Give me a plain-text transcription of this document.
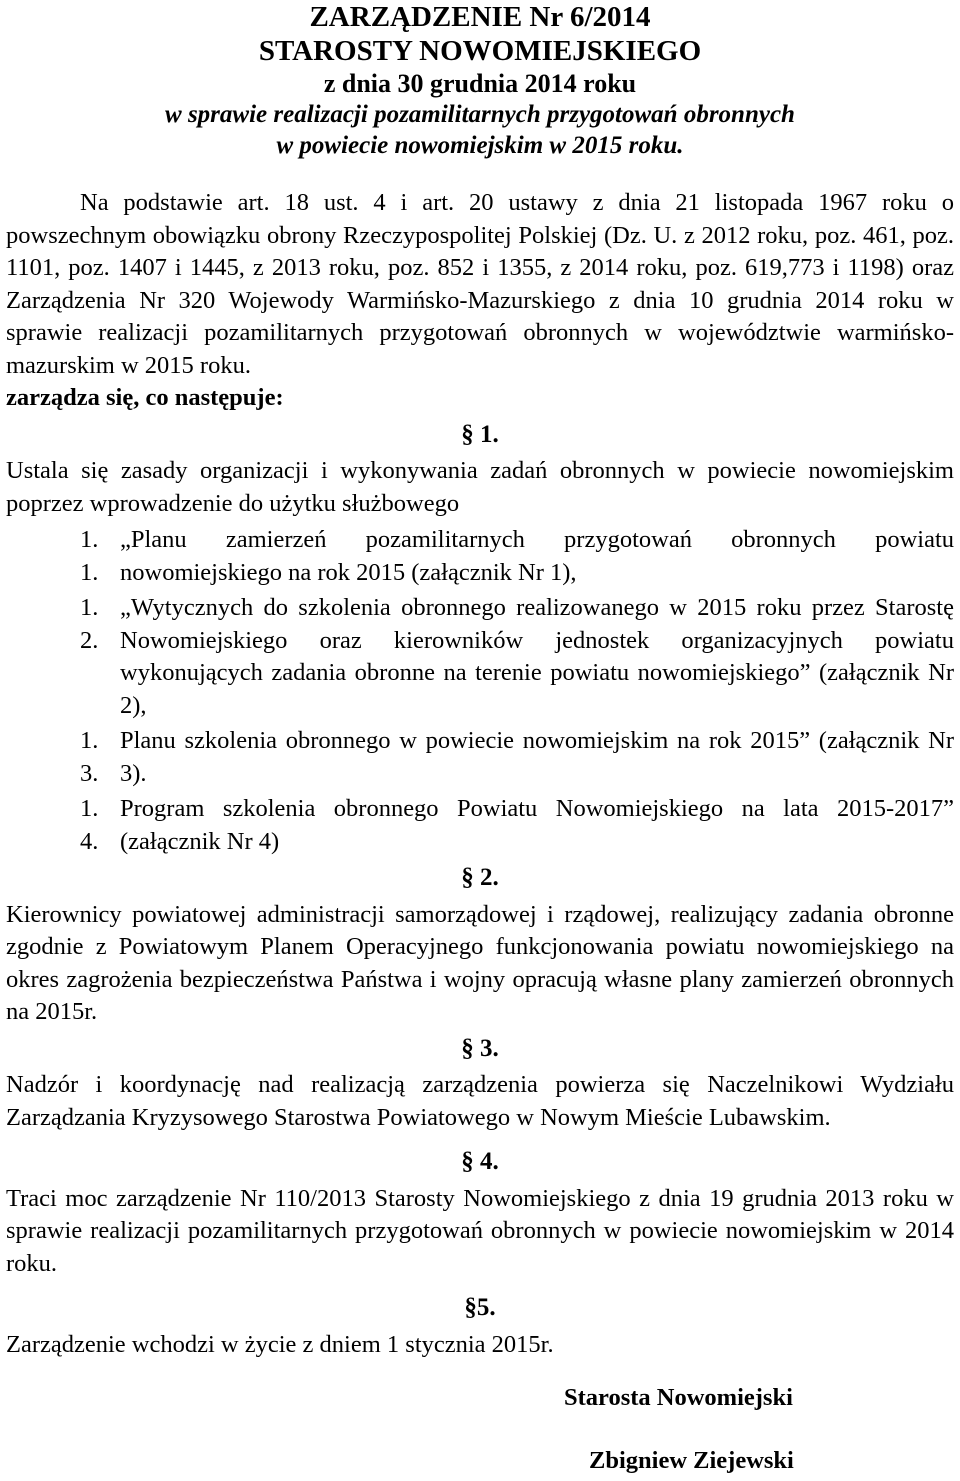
ZARZĄDZENIE Nr 6/2014
STAROSTY NOWOMIEJSKIEGO
z dnia 30 grudnia 2014 roku
w sprawie realizacji pozamilitarnych przygotowań obronnych
w powiecie nowomiejskim w 2015 roku.

Na podstawie art. 18 ust. 4 i art. 20 ustawy z dnia 21 listopada 1967 roku o powszechnym obowiązku obrony Rzeczypospolitej Polskiej (Dz. U. z 2012 roku, poz. 461, poz. 1101, poz. 1407 i 1445, z 2013 roku, poz. 852 i 1355, z 2014 roku, poz. 619,773 i 1198) oraz Zarządzenia Nr 320 Wojewody Warmińsko-Mazurskiego z dnia 10 grudnia 2014 roku w sprawie realizacji pozamilitarnych przygotowań obronnych w województwie warmińsko-mazurskim w 2015 roku.

zarządza się, co następuje:

§ 1.

Ustala się zasady organizacji i wykonywania zadań obronnych w powiecie nowomiejskim poprzez wprowadzenie do użytku służbowego

1. 1.
„Planu zamierzeń pozamilitarnych przygotowań obronnych powiatu nowomiejskiego na rok 2015 (załącznik Nr 1),
1. 2.
„Wytycznych do szkolenia obronnego realizowanego w 2015 roku przez Starostę Nowomiejskiego oraz kierowników jednostek organizacyjnych powiatu wykonujących zadania obronne na terenie powiatu nowomiejskiego” (załącznik Nr 2),
1. 3.
Planu szkolenia obronnego w powiecie nowomiejskim na rok 2015” (załącznik Nr 3).
1. 4.
Program szkolenia obronnego Powiatu Nowomiejskiego na lata 2015-2017” (załącznik Nr 4)
§ 2.

Kierownicy powiatowej administracji samorządowej i rządowej, realizujący zadania obronne zgodnie z Powiatowym Planem Operacyjnego funkcjonowania powiatu nowomiejskiego na okres zagrożenia bezpieczeństwa Państwa i wojny opracują własne plany zamierzeń obronnych na 2015r.

§ 3.

Nadzór i koordynację nad realizacją zarządzenia powierza się Naczelnikowi Wydziału Zarządzania Kryzysowego Starostwa Powiatowego w Nowym Mieście Lubawskim.

§ 4.

Traci moc zarządzenie Nr 110/2013 Starosty Nowomiejskiego z dnia 19 grudnia 2013 roku w sprawie realizacji pozamilitarnych przygotowań obronnych w powiecie nowomiejskim w 2014 roku.

§5.

Zarządzenie wchodzi w życie z dniem 1 stycznia 2015r.

Starosta Nowomiejski
Zbigniew Ziejewski
